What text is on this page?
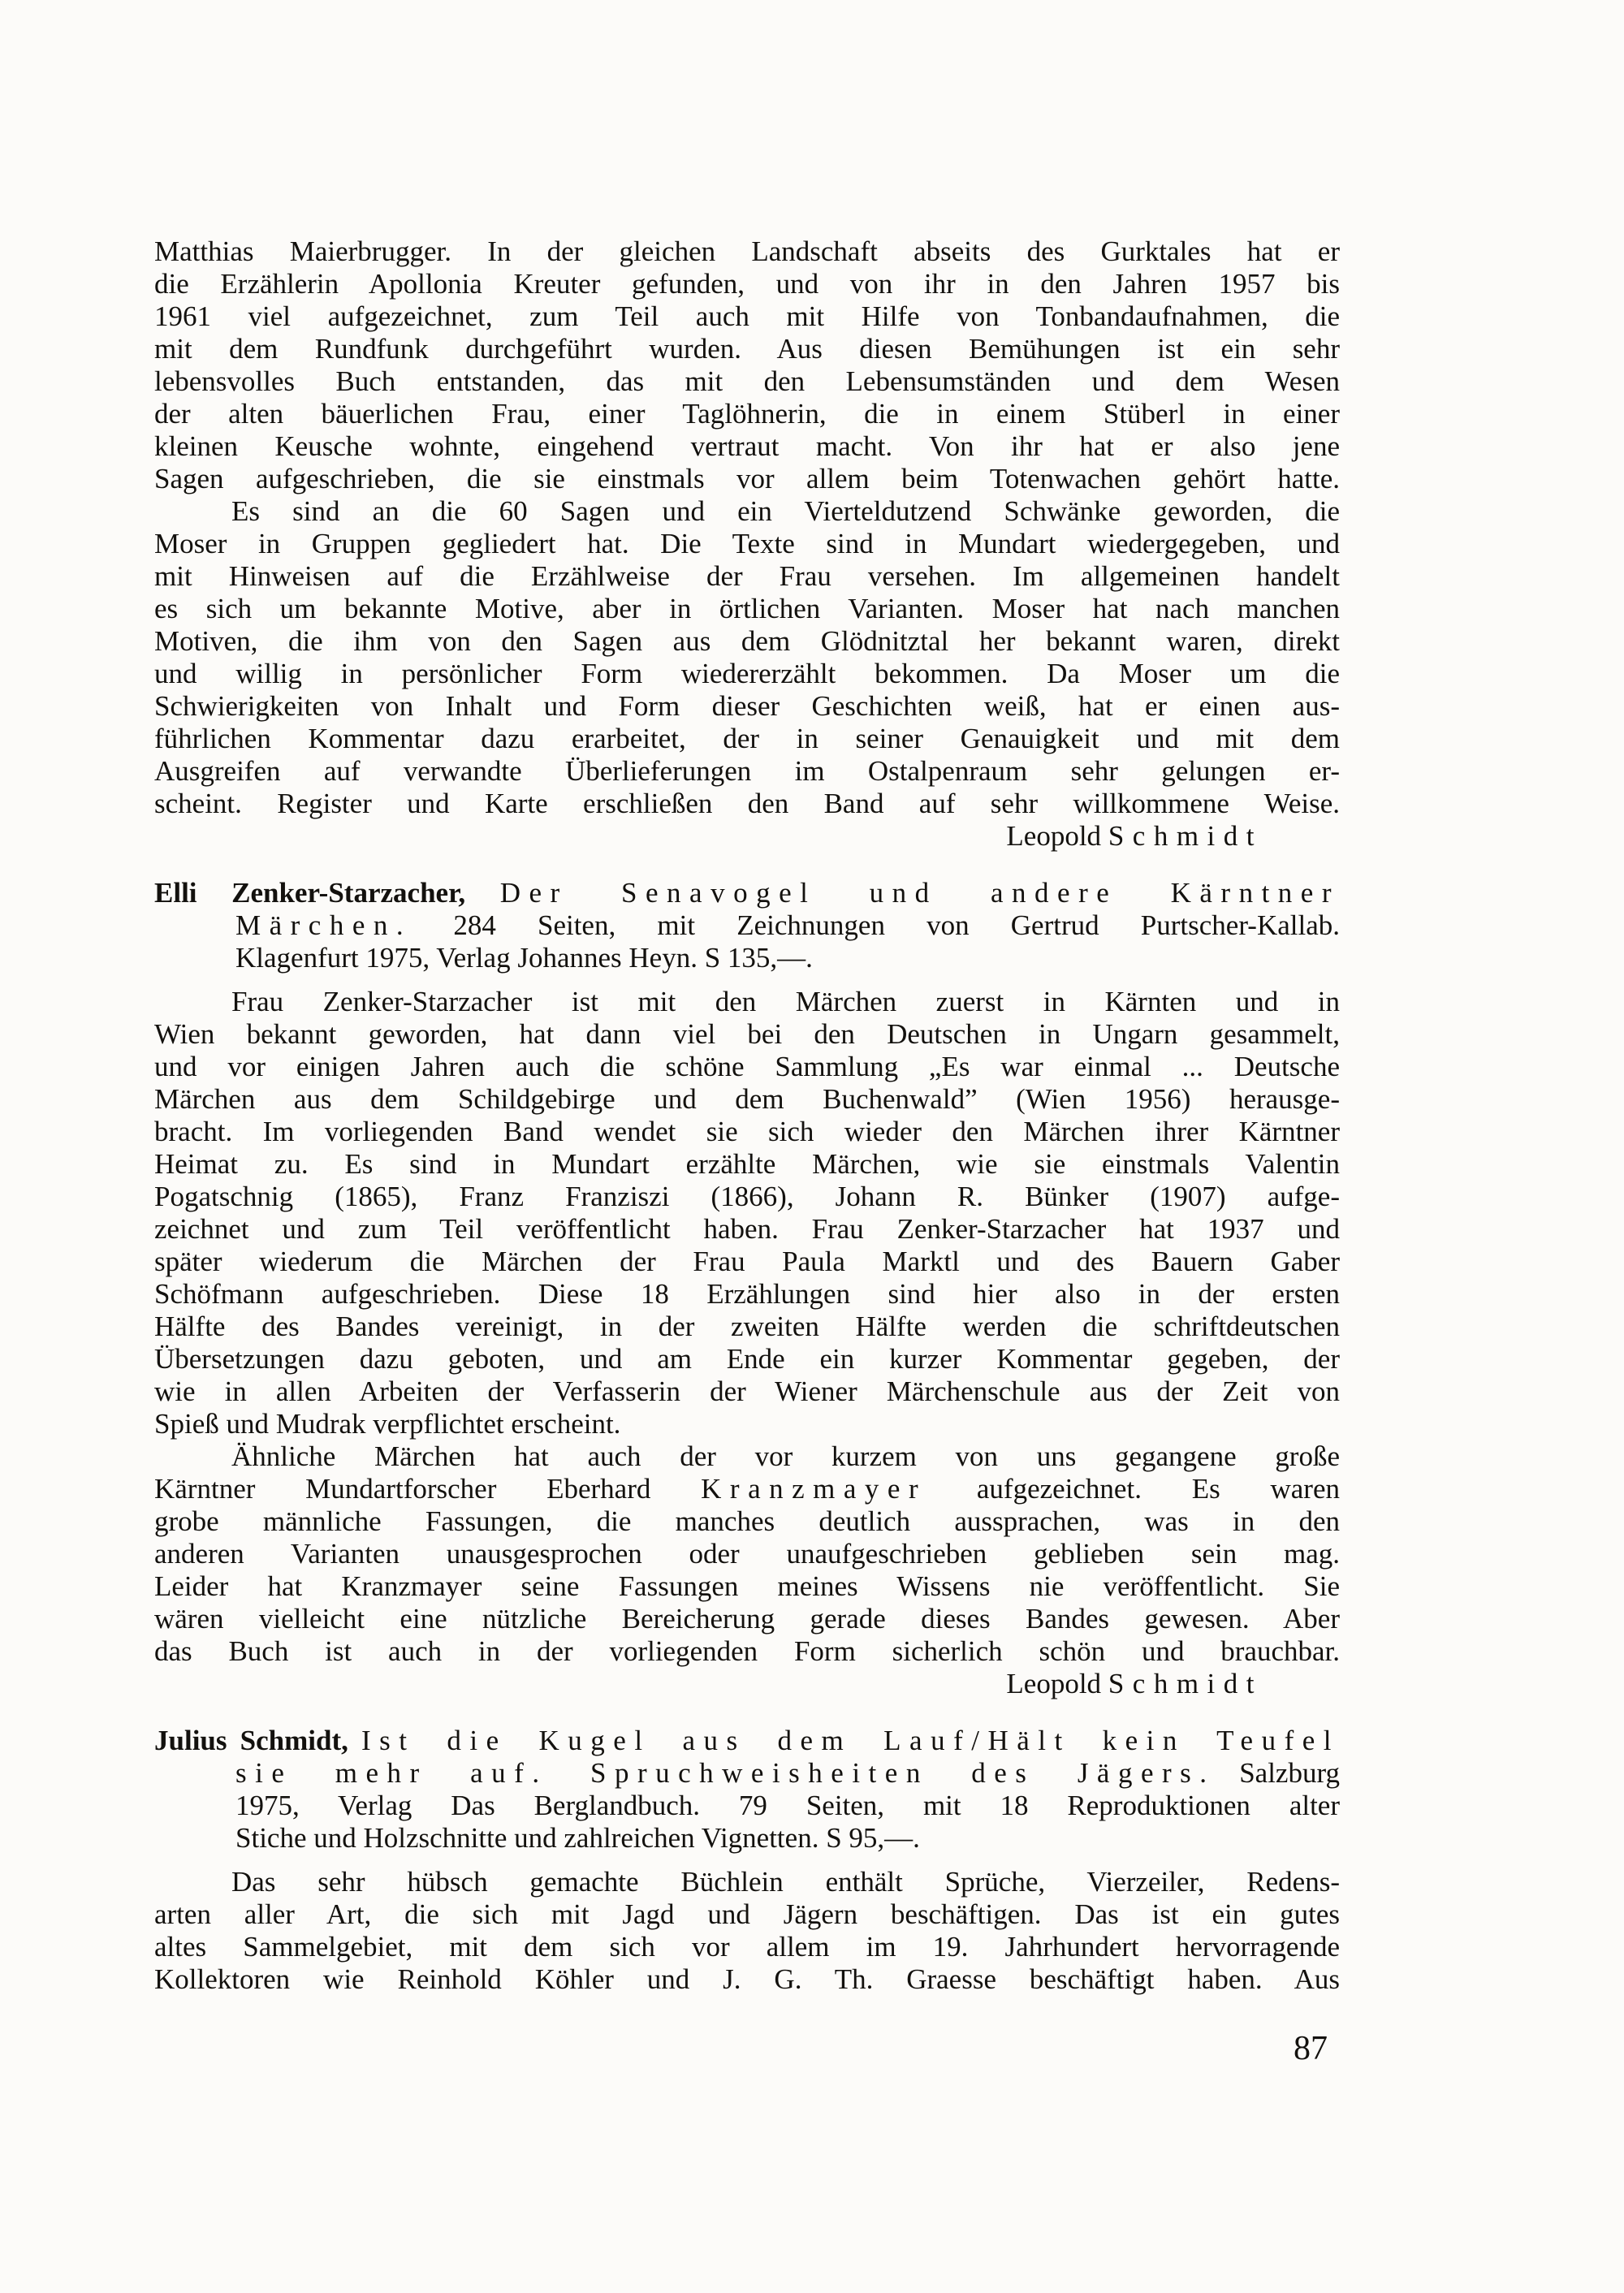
Matthias Maierbrugger. In der gleichen Landschaft abseits des Gurktales hat er
die Erzählerin Apollonia Kreuter gefunden, und von ihr in den Jahren 1957 bis
1961 viel aufgezeichnet, zum Teil auch mit Hilfe von Tonbandaufnahmen, die
mit dem Rundfunk durchgeführt wurden. Aus diesen Bemühungen ist ein sehr
lebensvolles Buch entstanden, das mit den Lebensumständen und dem Wesen
der alten bäuerlichen Frau, einer Taglöhnerin, die in einem Stüberl in einer
kleinen Keusche wohnte, eingehend vertraut macht. Von ihr hat er also jene
Sagen aufgeschrieben, die sie einstmals vor allem beim Totenwachen gehört hatte.
Es sind an die 60 Sagen und ein Vierteldutzend Schwänke geworden, die
Moser in Gruppen gegliedert hat. Die Texte sind in Mundart wiedergegeben, und
mit Hinweisen auf die Erzählweise der Frau versehen. Im allgemeinen handelt
es sich um bekannte Motive, aber in örtlichen Varianten. Moser hat nach manchen
Motiven, die ihm von den Sagen aus dem Glödnitztal her bekannt waren, direkt
und willig in persönlicher Form wiedererzählt bekommen. Da Moser um die
Schwierigkeiten von Inhalt und Form dieser Geschichten weiß, hat er einen aus-
führlichen Kommentar dazu erarbeitet, der in seiner Genauigkeit und mit dem
Ausgreifen auf verwandte Überlieferungen im Ostalpenraum sehr gelungen er-
scheint. Register und Karte erschließen den Band auf sehr willkommene Weise.
Leopold Schmidt
Elli Zenker-Starzacher, Der Senavogel und andere Kärntner
Märchen. 284 Seiten, mit Zeichnungen von Gertrud Purtscher-Kallab.
Klagenfurt 1975, Verlag Johannes Heyn. S 135,—.
Frau Zenker-Starzacher ist mit den Märchen zuerst in Kärnten und in
Wien bekannt geworden, hat dann viel bei den Deutschen in Ungarn gesammelt,
und vor einigen Jahren auch die schöne Sammlung „Es war einmal ... Deutsche
Märchen aus dem Schildgebirge und dem Buchenwald” (Wien 1956) herausge-
bracht. Im vorliegenden Band wendet sie sich wieder den Märchen ihrer Kärntner
Heimat zu. Es sind in Mundart erzählte Märchen, wie sie einstmals Valentin
Pogatschnig (1865), Franz Franziszi (1866), Johann R. Bünker (1907) aufge-
zeichnet und zum Teil veröffentlicht haben. Frau Zenker-Starzacher hat 1937 und
später wiederum die Märchen der Frau Paula Marktl und des Bauern Gaber
Schöfmann aufgeschrieben. Diese 18 Erzählungen sind hier also in der ersten
Hälfte des Bandes vereinigt, in der zweiten Hälfte werden die schriftdeutschen
Übersetzungen dazu geboten, und am Ende ein kurzer Kommentar gegeben, der
wie in allen Arbeiten der Verfasserin der Wiener Märchenschule aus der Zeit von
Spieß und Mudrak verpflichtet erscheint.
Ähnliche Märchen hat auch der vor kurzem von uns gegangene große
Kärntner Mundartforscher Eberhard Kranzmayer aufgezeichnet. Es waren
grobe männliche Fassungen, die manches deutlich aussprachen, was in den
anderen Varianten unausgesprochen oder unaufgeschrieben geblieben sein mag.
Leider hat Kranzmayer seine Fassungen meines Wissens nie veröffentlicht. Sie
wären vielleicht eine nützliche Bereicherung gerade dieses Bandes gewesen. Aber
das Buch ist auch in der vorliegenden Form sicherlich schön und brauchbar.
Leopold Schmidt
Julius Schmidt, Ist die Kugel aus dem Lauf/Hält kein Teufel
sie mehr auf. Spruchweisheiten des Jägers. Salzburg
1975, Verlag Das Berglandbuch. 79 Seiten, mit 18 Reproduktionen alter
Stiche und Holzschnitte und zahlreichen Vignetten. S 95,—.
Das sehr hübsch gemachte Büchlein enthält Sprüche, Vierzeiler, Redens-
arten aller Art, die sich mit Jagd und Jägern beschäftigen. Das ist ein gutes
altes Sammelgebiet, mit dem sich vor allem im 19. Jahrhundert hervorragende
Kollektoren wie Reinhold Köhler und J. G. Th. Graesse beschäftigt haben. Aus
87
